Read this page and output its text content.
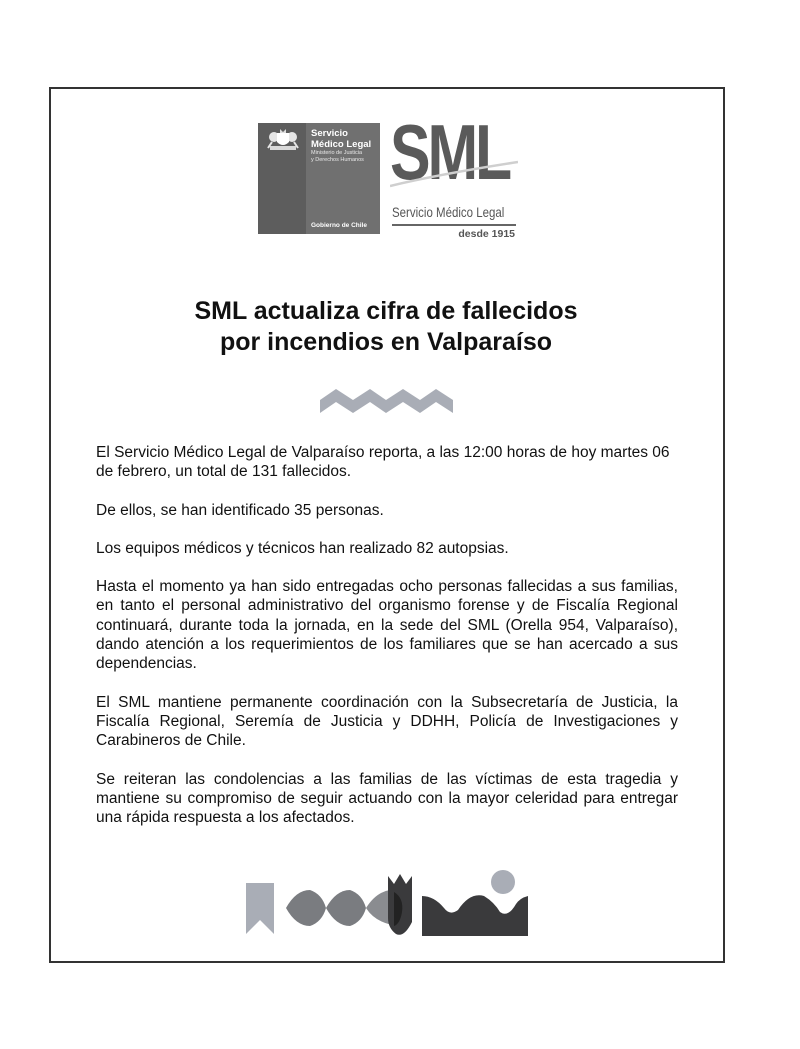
Servicio
Médico Legal
Ministerio de Justicia
y Derechos Humanos
Gobierno de Chile
SML
Servicio Médico Legal
desde 1915
SML actualiza cifra de fallecidos
por incendios en Valparaíso

El Servicio Médico Legal de Valparaíso reporta, a las 12:00 horas de hoy martes 06 de febrero, un total de 131 fallecidos.

De ellos, se han identificado 35 personas.

Los equipos médicos y técnicos han realizado 82 autopsias.

Hasta el momento ya han sido entregadas ocho personas fallecidas a sus familias, en tanto el personal administrativo del organismo forense y de Fiscalía Regional continuará, durante toda la jornada, en la sede del SML (Orella 954, Valparaíso), dando atención a los requerimientos de los familiares que se han acercado a sus dependencias.

El SML mantiene permanente coordinación con la Subsecretaría de Justicia, la Fiscalía Regional, Seremía de Justicia y DDHH, Policía de Investigaciones y Carabineros de Chile.

Se reiteran las condolencias a las familias de las víctimas de esta tragedia y mantiene su compromiso de seguir actuando con la mayor celeridad para entregar una rápida respuesta a los afectados.
